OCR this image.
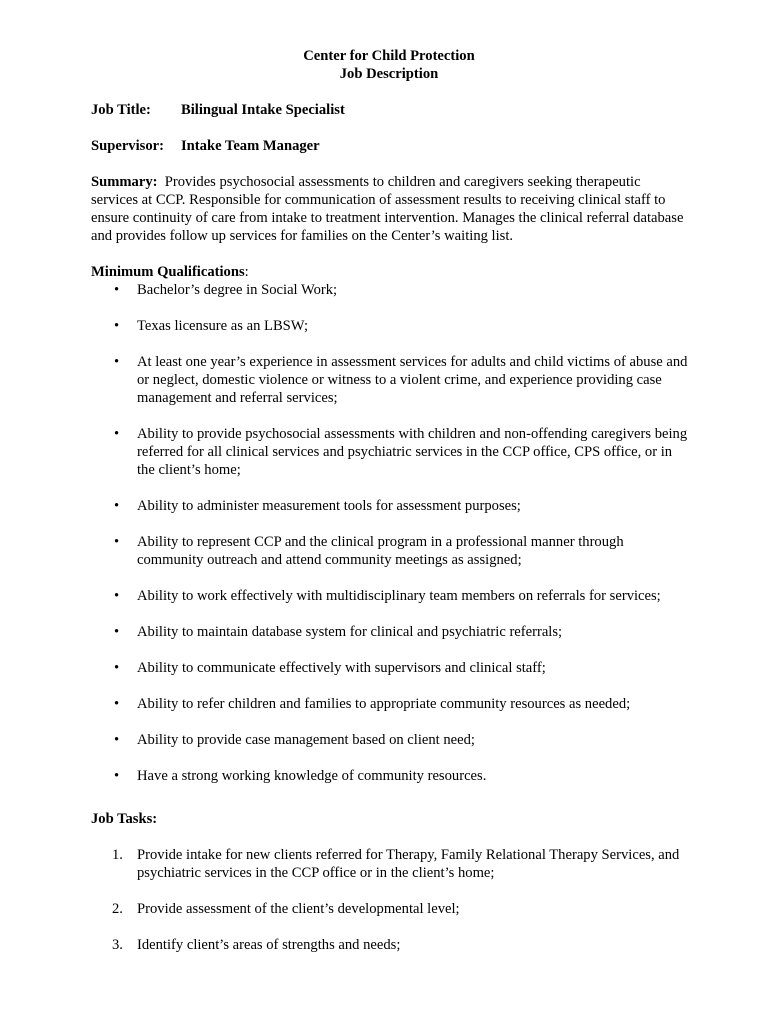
Center for Child Protection
Job Description
Job Title: Bilingual Intake Specialist
Supervisor: Intake Team Manager
Summary: Provides psychosocial assessments to children and caregivers seeking therapeutic services at CCP. Responsible for communication of assessment results to receiving clinical staff to ensure continuity of care from intake to treatment intervention. Manages the clinical referral database and provides follow up services for families on the Center’s waiting list.
Minimum Qualifications:
• Bachelor’s degree in Social Work;
• Texas licensure as an LBSW;
• At least one year’s experience in assessment services for adults and child victims of abuse and or neglect, domestic violence or witness to a violent crime, and experience providing case management and referral services;
• Ability to provide psychosocial assessments with children and non-offending caregivers being referred for all clinical services and psychiatric services in the CCP office, CPS office, or in the client’s home;
• Ability to administer measurement tools for assessment purposes;
• Ability to represent CCP and the clinical program in a professional manner through community outreach and attend community meetings as assigned;
• Ability to work effectively with multidisciplinary team members on referrals for services;
• Ability to maintain database system for clinical and psychiatric referrals;
• Ability to communicate effectively with supervisors and clinical staff;
• Ability to refer children and families to appropriate community resources as needed;
• Ability to provide case management based on client need;
• Have a strong working knowledge of community resources.
Job Tasks:
1. Provide intake for new clients referred for Therapy, Family Relational Therapy Services, and psychiatric services in the CCP office or in the client’s home;
2. Provide assessment of the client’s developmental level;
3. Identify client’s areas of strengths and needs;
